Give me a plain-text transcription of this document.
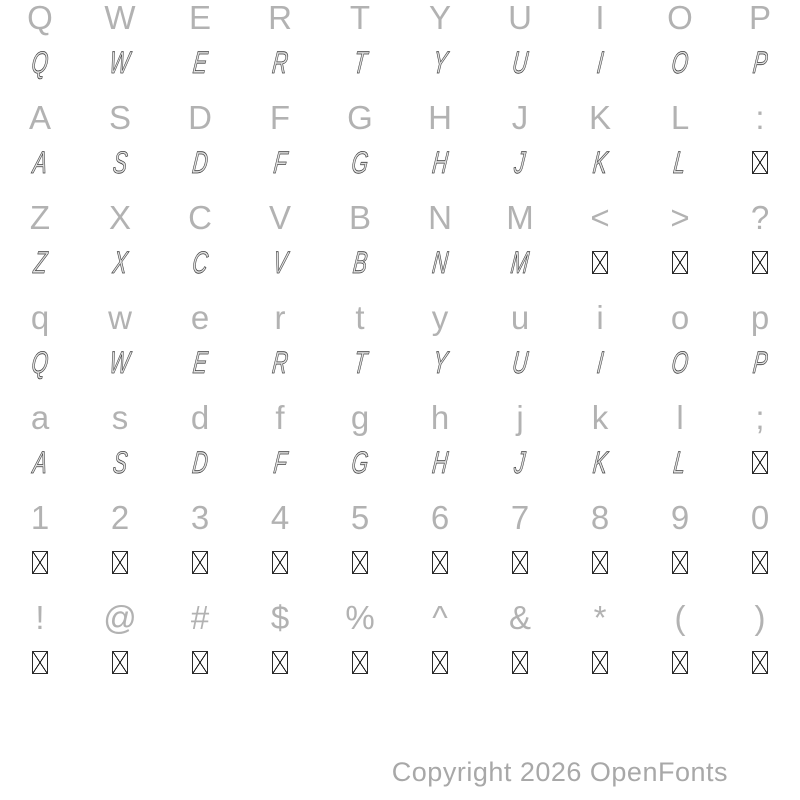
Q W E R T Y U I O P
Q W E R T Y U I O P
A S D F G H J K L :
A S D F G H J K L
Z X C V B N M < > ?
Z X C V B N M
q w e r t y u i o p
Q W E R T Y U I O P
a s d f g h j k l ;
A S D F G H J K L
1 2 3 4 5 6 7 8 9 0
! @ # $ % ^ & * ( )
Copyright 2026 OpenFonts
